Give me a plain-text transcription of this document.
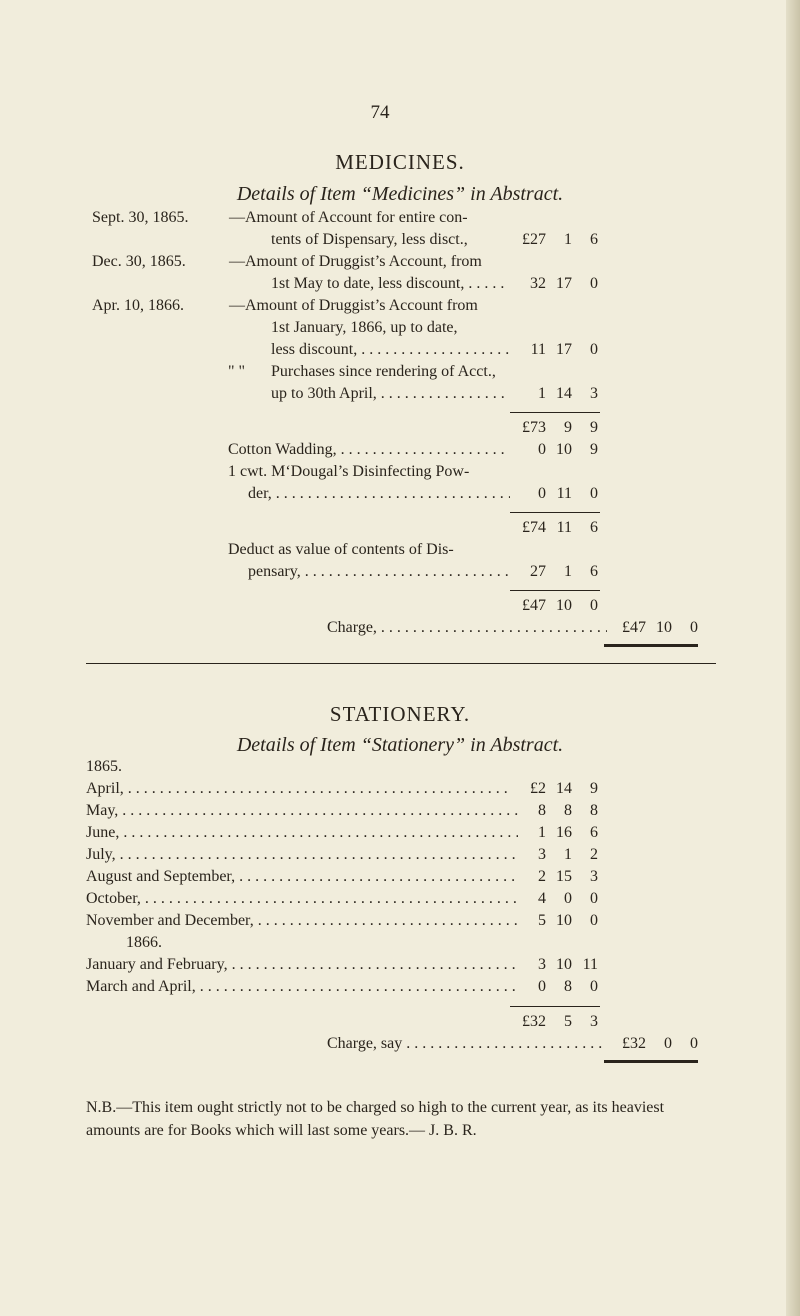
74
MEDICINES.
Details of Item “Medicines” in Abstract.
Sept. 30, 1865.	—Amount of Account for entire con-
tents of Dispensary, less disct.,	£27	1	6
Dec. 30, 1865.	—Amount of Druggist’s Account, from
1st May to date, less discount, . . .	32 17	0
Apr. 10, 1866.	—Amount of Druggist’s Account from
1st January, 1866, up to date,
less discount, . . .	11 17	0
" " Purchases since rendering of Acct.,
up to 30th April, . . .	1 14	3
£73	9	9
Cotton Wadding, . . .	0 10	9
1 cwt. M‘Dougal’s Disinfecting Pow-
der, . . .	0 11	0
£74 11	6
Deduct as value of contents of Dis-
pensary, . . .	27	1	6
£47 10	0
Charge, . . .	£47 10	0
STATIONERY.
Details of Item “Stationery” in Abstract.
1865.
April, . . .	£2 14	9
May, . . .	8	8	8
June, . . .	1 16	6
July, . . .	3	1	2
August and September, . . .	2 15	3
October, . . .	4	0	0
November and December, . . .	5 10	0
1866.
January and February, . . .	3 10 11
March and April, . . .	0	8	0
£32	5	3
Charge, say . . .	£32	0	0
N.B.—This item ought strictly not to be charged so high to the current year, as its heaviest amounts are for Books which will last some years.— J. B. R.
